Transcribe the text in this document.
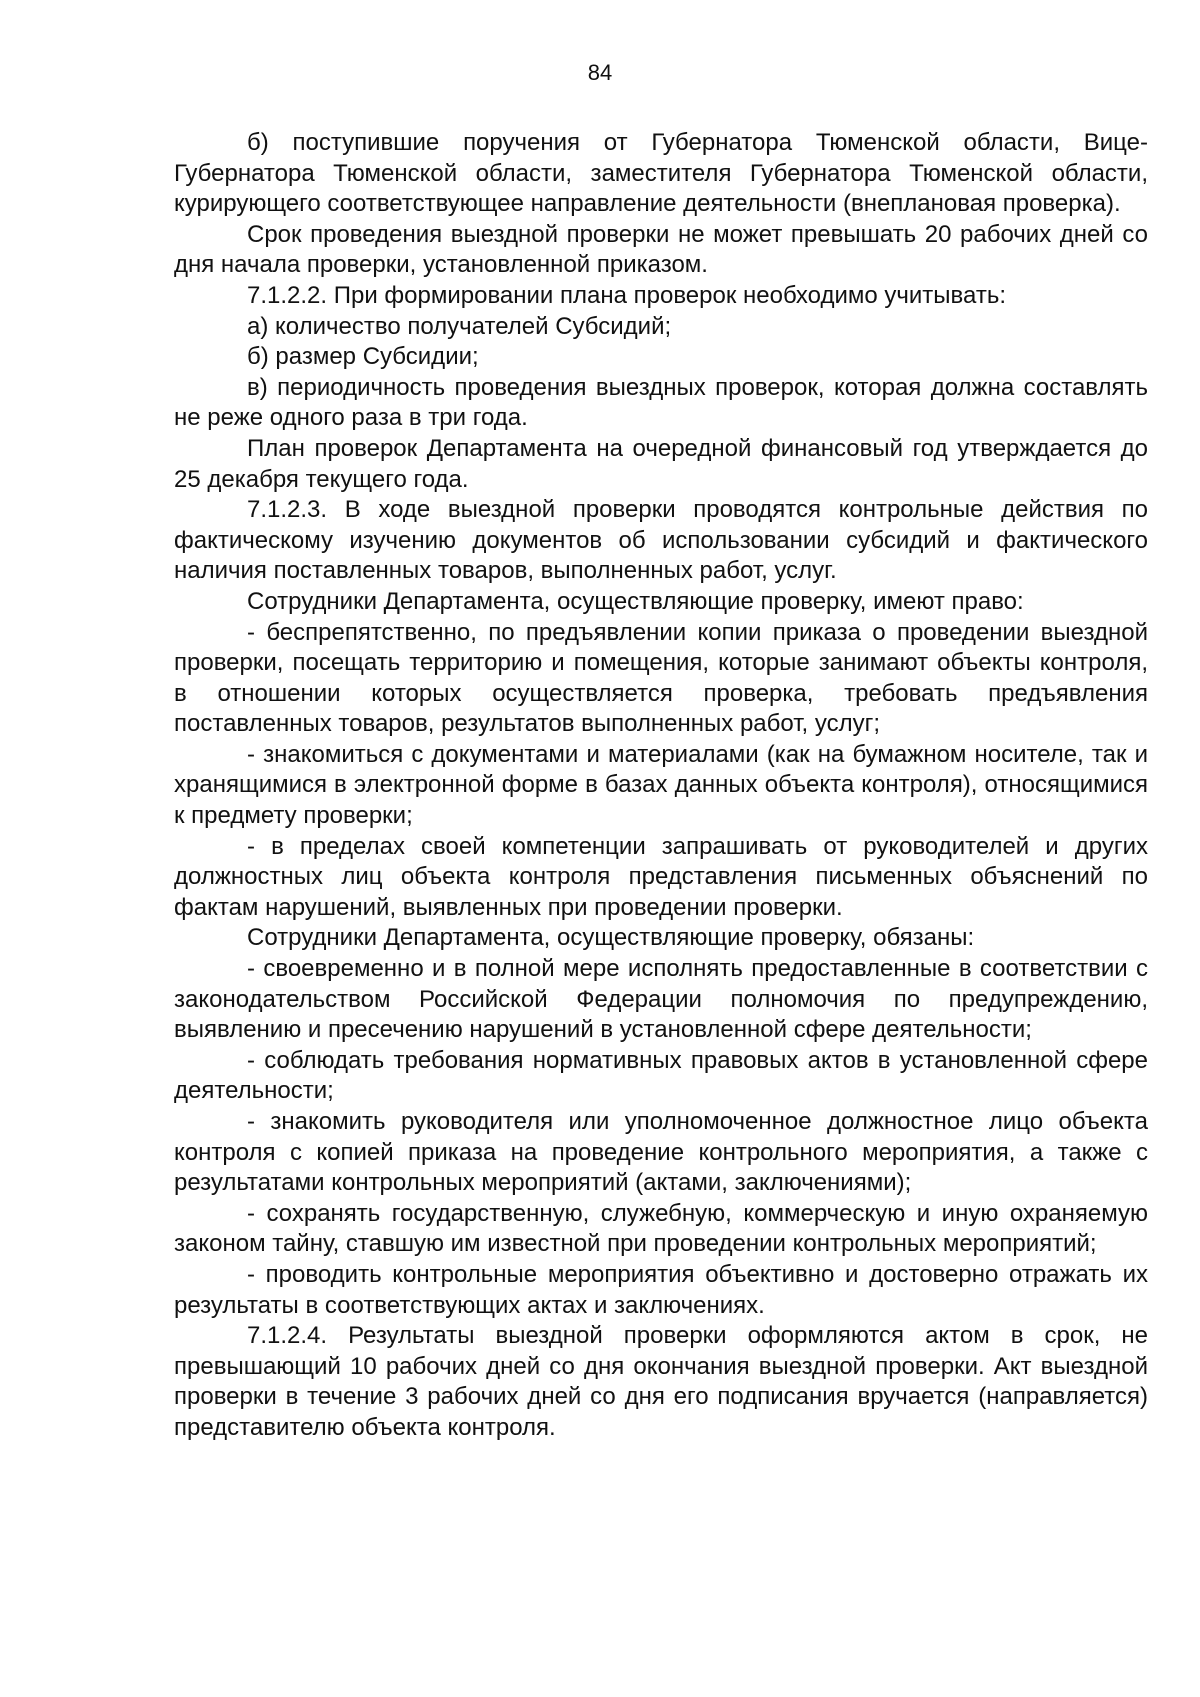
84

б) поступившие поручения от Губернатора Тюменской области, Вице-Губернатора Тюменской области, заместителя Губернатора Тюменской области, курирующего соответствующее направление деятельности (внеплановая проверка).

Срок проведения выездной проверки не может превышать 20 рабочих дней со дня начала проверки, установленной приказом.

7.1.2.2. При формировании плана проверок необходимо учитывать:

а) количество получателей Субсидий;

б) размер Субсидии;

в) периодичность проведения выездных проверок, которая должна составлять не реже одного раза в три года.

План проверок Департамента на очередной финансовый год утверждается до 25 декабря текущего года.

7.1.2.3. В ходе выездной проверки проводятся контрольные действия по фактическому изучению документов об использовании субсидий и фактического наличия поставленных товаров, выполненных работ, услуг.

Сотрудники Департамента, осуществляющие проверку, имеют право:

- беспрепятственно, по предъявлении копии приказа о проведении выездной проверки, посещать территорию и помещения, которые занимают объекты контроля, в отношении которых осуществляется проверка, требовать предъявления поставленных товаров, результатов выполненных работ, услуг;

- знакомиться с документами и материалами (как на бумажном носителе, так и хранящимися в электронной форме в базах данных объекта контроля), относящимися к предмету проверки;

- в пределах своей компетенции запрашивать от руководителей и других должностных лиц объекта контроля представления письменных объяснений по фактам нарушений, выявленных при проведении проверки.

Сотрудники Департамента, осуществляющие проверку, обязаны:

- своевременно и в полной мере исполнять предоставленные в соответствии с законодательством Российской Федерации полномочия по предупреждению, выявлению и пресечению нарушений в установленной сфере деятельности;

- соблюдать требования нормативных правовых актов в установленной сфере деятельности;

- знакомить руководителя или уполномоченное должностное лицо объекта контроля с копией приказа на проведение контрольного мероприятия, а также с результатами контрольных мероприятий (актами, заключениями);

- сохранять государственную, служебную, коммерческую и иную охраняемую законом тайну, ставшую им известной при проведении контрольных мероприятий;

- проводить контрольные мероприятия объективно и достоверно отражать их результаты в соответствующих актах и заключениях.

7.1.2.4. Результаты выездной проверки оформляются актом в срок, не превышающий 10 рабочих дней со дня окончания выездной проверки. Акт выездной проверки в течение 3 рабочих дней со дня его подписания вручается (направляется) представителю объекта контроля.
